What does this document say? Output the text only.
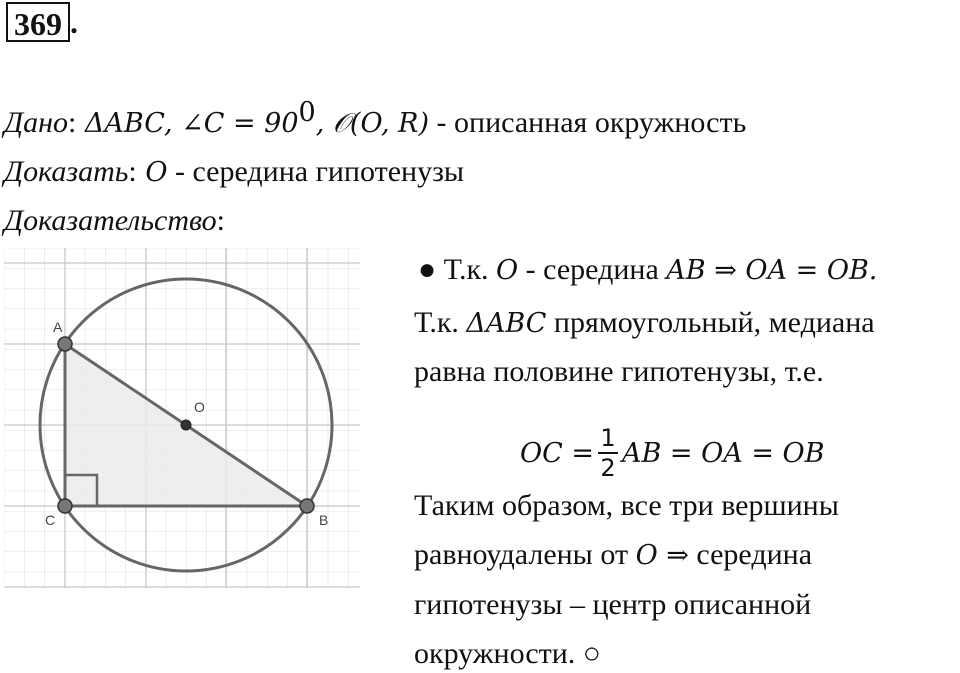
369 .
Дано: ΔABC, ∠C = $90^0$, 𝒪(O, R) - описанная окружность
Доказать: O - середина гипотенузы
Доказательство:
A
B
C
O
● Т.к. O - середина AB ⇒ OA = OB.
Т.к. ΔABC прямоугольный, медиана
равна половине гипотенузы, т.е.
OC = $\frac{1}{2}$ AB = OA = OB
Таким образом, все три вершины
равноудалены от O ⇒ середина
гипотенузы – центр описанной
окружности. ○
